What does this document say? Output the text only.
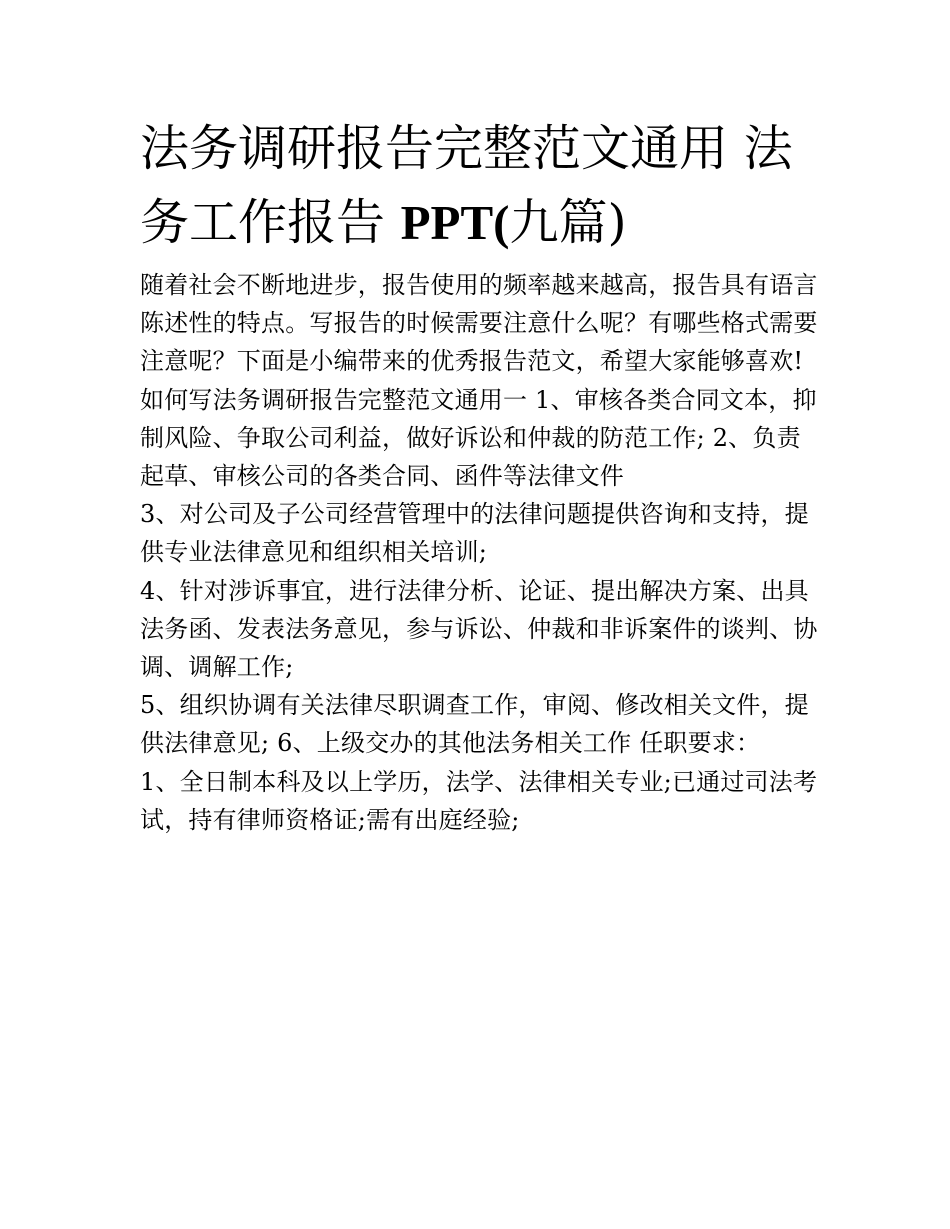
法务调研报告完整范文通用 法务工作报告 PPT(九篇)

随着社会不断地进步，报告使用的频率越来越高，报告具有语言陈述性的特点。写报告的时候需要注意什么呢？有哪些格式需要注意呢？下面是小编带来的优秀报告范文，希望大家能够喜欢!

如何写法务调研报告完整范文通用一 1、审核各类合同文本，抑制风险、争取公司利益，做好诉讼和仲裁的防范工作; 2、负责起草、审核公司的各类合同、函件等法律文件

3、对公司及子公司经营管理中的法律问题提供咨询和支持，提供专业法律意见和组织相关培训;

4、针对涉诉事宜，进行法律分析、论证、提出解决方案、出具法务函、发表法务意见，参与诉讼、仲裁和非诉案件的谈判、协调、调解工作;

5、组织协调有关法律尽职调查工作，审阅、修改相关文件，提供法律意见; 6、上级交办的其他法务相关工作 任职要求：

1、全日制本科及以上学历，法学、法律相关专业;已通过司法考试，持有律师资格证;需有出庭经验;
